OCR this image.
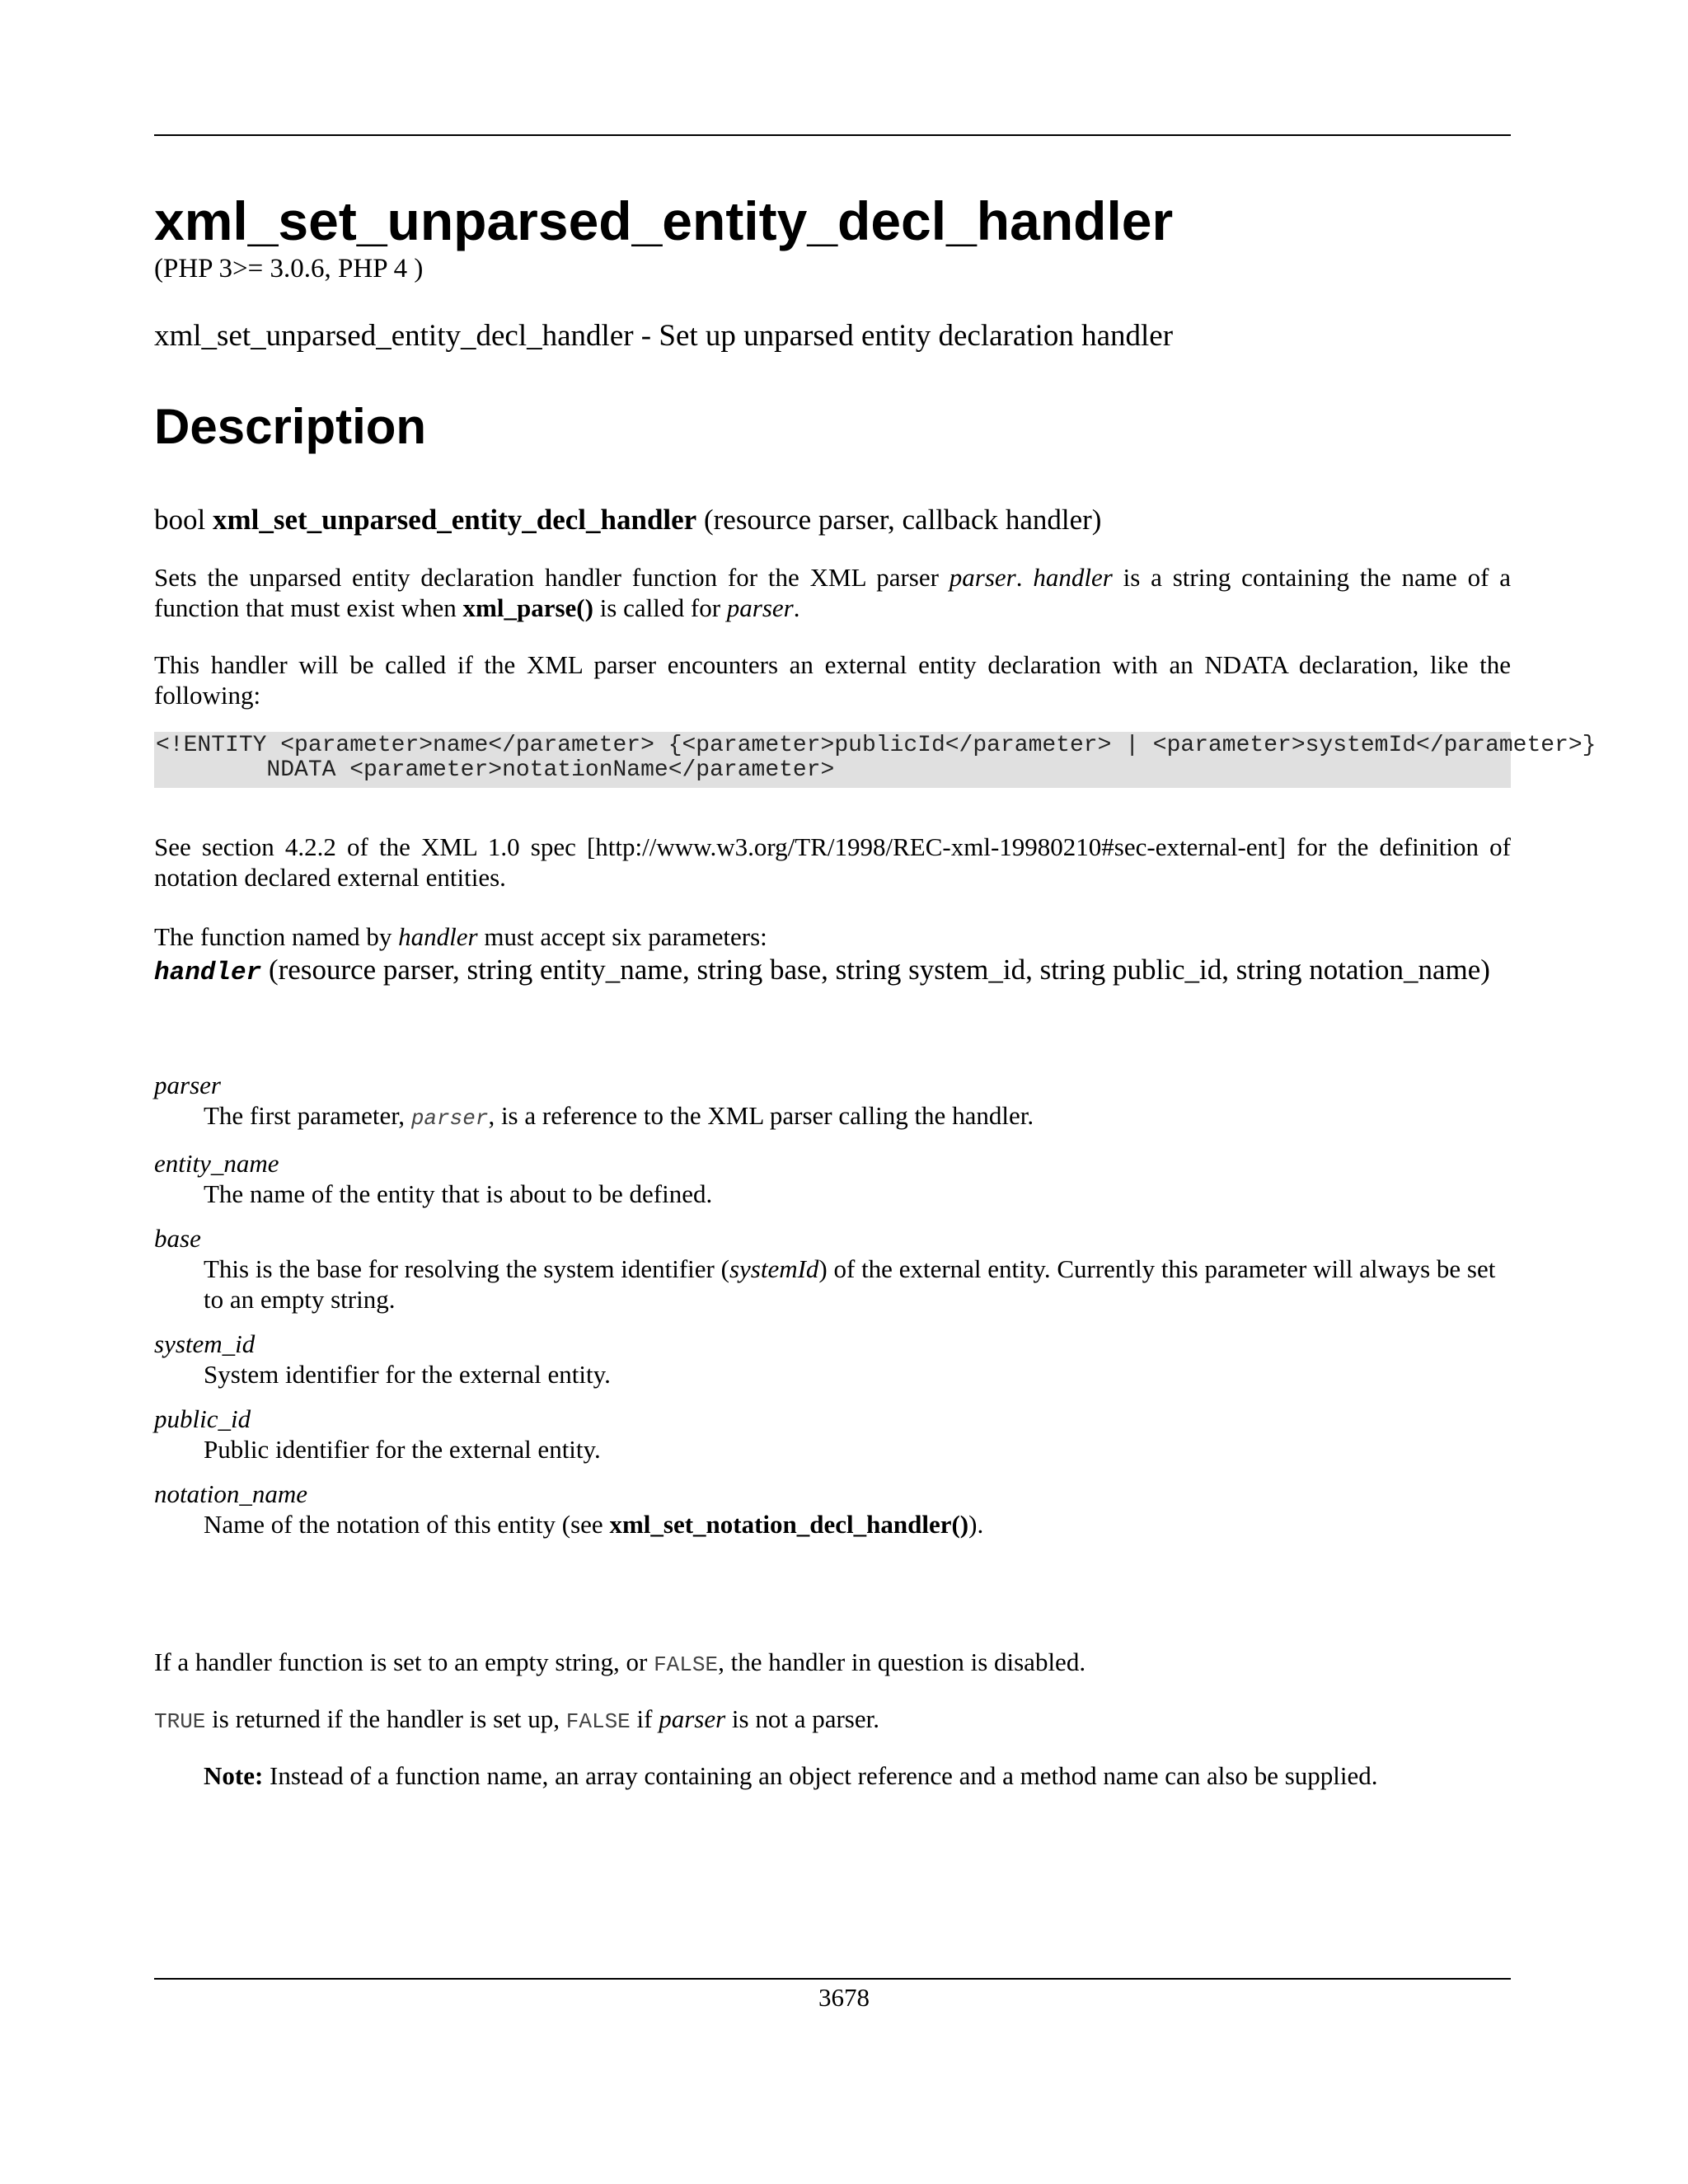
xml_set_unparsed_entity_decl_handler
(PHP 3>= 3.0.6, PHP 4 )
xml_set_unparsed_entity_decl_handler - Set up unparsed entity declaration handler
Description
bool xml_set_unparsed_entity_decl_handler (resource parser, callback handler)
Sets the unparsed entity declaration handler function for the XML parser parser. handler is a string containing the name of a function that must exist when xml_parse() is called for parser.
This handler will be called if the XML parser encounters an external entity declaration with an NDATA declaration, like the following:
<!ENTITY <parameter>name</parameter> {<parameter>publicId</parameter> | <parameter>systemId</parameter>}
NDATA <parameter>notationName</parameter>
See section 4.2.2 of the XML 1.0 spec [http://www.w3.org/TR/1998/REC-xml-19980210#sec-external-ent] for the definition of notation declared external entities.
The function named by handler must accept six parameters:
handler (resource parser, string entity_name, string base, string system_id, string public_id, string notation_name)
parser
The first parameter, parser, is a reference to the XML parser calling the handler.
entity_name
The name of the entity that is about to be defined.
base
This is the base for resolving the system identifier (systemId) of the external entity. Currently this parameter will always be set to an empty string.
system_id
System identifier for the external entity.
public_id
Public identifier for the external entity.
notation_name
Name of the notation of this entity (see xml_set_notation_decl_handler()).
If a handler function is set to an empty string, or FALSE, the handler in question is disabled.
TRUE is returned if the handler is set up, FALSE if parser is not a parser.
Note: Instead of a function name, an array containing an object reference and a method name can also be supplied.
3678
